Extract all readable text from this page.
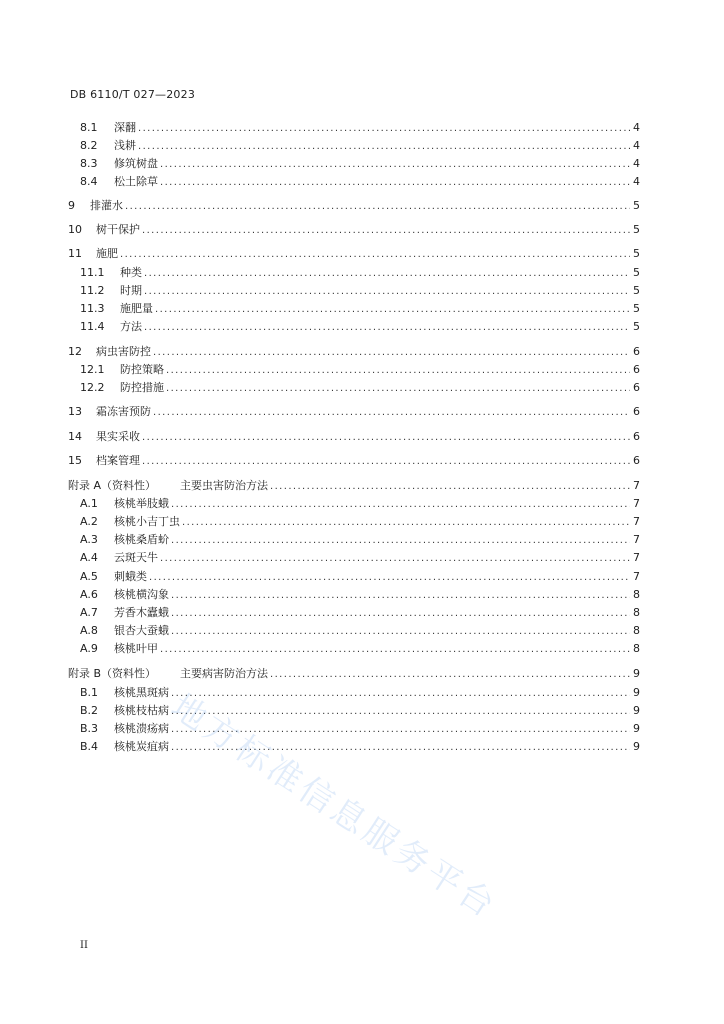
DB 6110/T 027—2023
8.1	深翻 .....	4
8.2	浅耕 .....	4
8.3	修筑树盘 .....	4
8.4	松土除草 .....	4
9	排灌水 .....	5
10	树干保护 .....	5
11	施肥 .....	5
11.1	种类 .....	5
11.2	时期 .....	5
11.3	施肥量 .....	5
11.4	方法 .....	5
12	病虫害防控 .....	6
12.1	防控策略 .....	6
12.2	防控措施 .....	6
13	霜冻害预防 .....	6
14	果实采收 .....	6
15	档案管理 .....	6
附录 A（资料性）	主要虫害防治方法 .....	7
A.1	核桃举肢蛾 .....	7
A.2	核桃小吉丁虫 .....	7
A.3	核桃桑盾蚧 .....	7
A.4	云斑天牛 .....	7
A.5	刺蛾类 .....	7
A.6	核桃横沟象 .....	8
A.7	芳香木蠹蛾 .....	8
A.8	银杏大蚕蛾 .....	8
A.9	核桃叶甲 .....	8
附录 B（资料性）	主要病害防治方法 .....	9
B.1	核桃黑斑病 .....	9
B.2	核桃枝枯病 .....	9
B.3	核桃溃疡病 .....	9
B.4	核桃炭疽病 .....	9
地方标准信息服务平台
II
